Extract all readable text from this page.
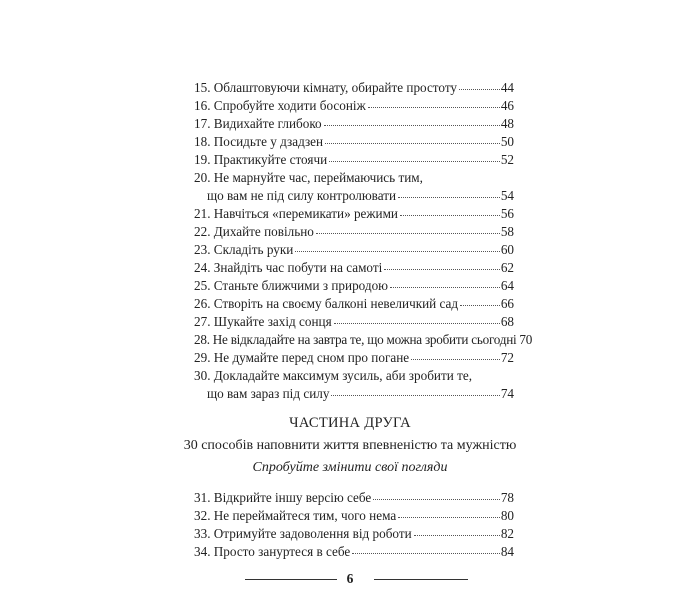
15. Облаштовуючи кімнату, обирайте простоту	44
16. Спробуйте ходити босоніж	46
17. Видихайте глибоко	48
18. Посидьте у дзадзен	50
19. Практикуйте стоячи	52
20. Не марнуйте час, переймаючись тим,
що вам не під силу контролювати	54
21. Навчіться «перемикати» режими	56
22. Дихайте повільно	58
23. Складіть руки	60
24. Знайдіть час побути на самоті	62
25. Станьте ближчими з природою	64
26. Створіть на своєму балконі невеличкий сад	66
27. Шукайте захід сонця	68
28. Не відкладайте на завтра те, що можна зробити сьогодні 70
29. Не думайте перед сном про погане	72
30. Докладайте максимум зусиль, аби зробити те,
що вам зараз під силу	74
ЧАСТИНА ДРУГА
30 способів наповнити життя впевненістю та мужністю
Спробуйте змінити свої погляди
31. Відкрийте іншу версію себе	78
32. Не переймайтеся тим, чого нема	80
33. Отримуйте задоволення від роботи	82
34. Просто зануртеся в себе	84
6
